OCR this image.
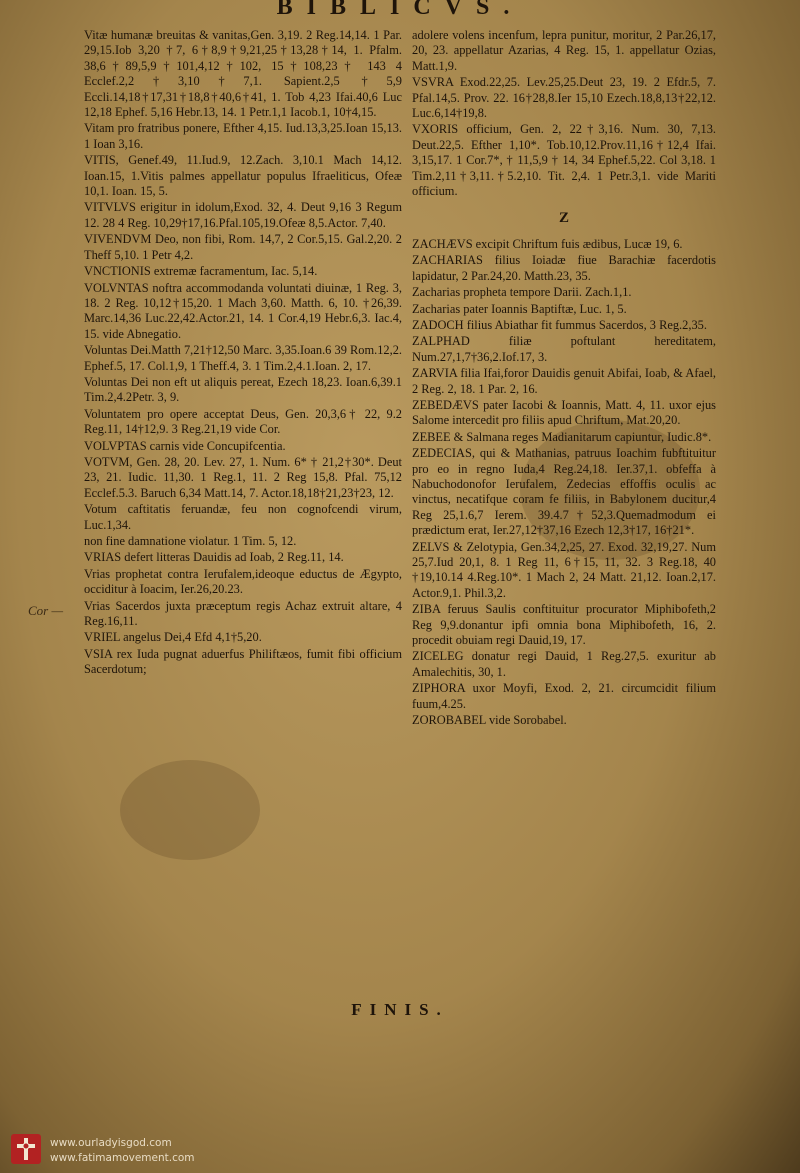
BIBLICVS.
Cor —

Vitæ humanæ breuitas & vanitas,Gen. 3,19. 2 Reg.14,14. 1 Par. 29,15.Iob 3,20 †7, 6†8,9†9,21,25†13,28†14, 1. Pfalm. 38,6†89,5,9†101,4,12†102, 15†108,23† 143 4 Ecclef.2,2†3,10†7,1. Sapient.2,5 †5,9 Eccli.14,18†17,31†18,8†40,6†41, 1. Tob 4,23 Ifai.40,6 Luc 12,18 Ephef. 5,16 Hebr.13, 14. 1 Petr.1,1 Iacob.1, 10†4,15.

Vitam pro fratribus ponere, Efther 4,15. Iud.13,3,25.Ioan 15,13. 1 Ioan 3,16.

VITIS, Genef.49, 11.Iud.9, 12.Zach. 3,10.1 Mach 14,12. Ioan.15, 1.Vitis palmes appellatur populus Ifraeliticus, Ofeæ 10,1. Ioan. 15, 5.

VITVLVS erigitur in idolum,Exod. 32, 4. Deut 9,16 3 Regum 12. 28 4 Reg. 10,29†17,16.Pfal.105,19.Ofeæ 8,5.Actor. 7,40.

VIVENDVM Deo, non fibi, Rom. 14,7, 2 Cor.5,15. Gal.2,20. 2 Theff 5,10. 1 Petr 4,2.

VNCTIONIS extremæ facramentum, Iac. 5,14.

VOLVNTAS noftra accommodanda voluntati diuinæ, 1 Reg. 3, 18. 2 Reg. 10,12†15,20. 1 Mach 3,60. Matth. 6, 10. †26,39. Marc.14,36 Luc.22,42.Actor.21, 14. 1 Cor.4,19 Hebr.6,3. Iac.4, 15. vide Abnegatio.

Voluntas Dei.Matth 7,21†12,50 Marc. 3,35.Ioan.6 39 Rom.12,2. Ephef.5, 17. Col.1,9, 1 Theff.4, 3. 1 Tim.2,4.1.Ioan. 2, 17.

Voluntas Dei non eft ut aliquis pereat, Ezech 18,23. Ioan.6,39.1 Tim.2,4.2Petr. 3, 9.

Voluntatem pro opere acceptat Deus, Gen. 20,3,6† 22, 9.2 Reg.11, 14†12,9. 3 Reg.21,19 vide Cor.

VOLVPTAS carnis vide Concupifcentia.

VOTVM, Gen. 28, 20. Lev. 27, 1. Num. 6* † 21,2†30*. Deut 23, 21. Iudic. 11,30. 1 Reg.1, 11. 2 Reg 15,8. Pfal. 75,12 Ecclef.5.3. Baruch 6,34 Matt.14, 7. Actor.18,18†21,23†23, 12.

Votum caftitatis feruandæ, feu non cognofcendi virum, Luc.1,34.

non fine damnatione violatur. 1 Tim. 5, 12.

VRIAS defert litteras Dauidis ad Ioab, 2 Reg.11, 14.

Vrias prophetat contra Ierufalem,ideoque eductus de Ægypto, occiditur à Ioacim, Ier.26,20.23.

Vrias Sacerdos juxta præceptum regis Achaz extruit altare, 4 Reg.16,11.

VRIEL angelus Dei,4 Efd 4,1†5,20.

VSIA rex Iuda pugnat aduerfus Philiftæos, fumit fibi officium Sacerdotum;

adolere volens incenfum, lepra punitur, moritur, 2 Par.26,17, 20, 23. appellatur Azarias, 4 Reg. 15, 1. appellatur Ozias, Matt.1,9.

VSVRA Exod.22,25. Lev.25,25.Deut 23, 19. 2 Efdr.5, 7. Pfal.14,5. Prov. 22. 16†28,8.Ier 15,10 Ezech.18,8,13†22,12. Luc.6,14†19,8.

VXORIS officium, Gen. 2, 22†3,16. Num. 30, 7,13. Deut.22,5. Efther 1,10*. Tob.10,12.Prov.11,16†12,4 Ifai. 3,15,17. 1 Cor.7*, † 11,5,9 † 14, 34 Ephef.5,22. Col 3,18. 1 Tim.2,11†3,11.†5.2,10. Tit. 2,4. 1 Petr.3,1. vide Mariti officium.

Z

ZACHÆVS excipit Chriftum fuis ædibus, Lucæ 19, 6.

ZACHARIAS filius Ioiadæ fiue Barachiæ facerdotis lapidatur, 2 Par.24,20. Matth.23, 35.

Zacharias propheta tempore Darii. Zach.1,1.

Zacharias pater Ioannis Baptiftæ, Luc. 1, 5.

ZADOCH filius Abiathar fit fummus Sacerdos, 3 Reg.2,35.

ZALPHAD filiæ poftulant hereditatem, Num.27,1,7†36,2.Iof.17, 3.

ZARVIA filia Ifai,foror Dauidis genuit Abifai, Ioab, & Afael, 2 Reg. 2, 18. 1 Par. 2, 16.

ZEBEDÆVS pater Iacobi & Ioannis, Matt. 4, 11. uxor ejus Salome intercedit pro filiis apud Chriftum, Mat.20,20.

ZEBEE & Salmana reges Madianitarum capiuntur, Iudic.8*.

ZEDECIAS, qui & Mathanias, patruus Ioachim fubftituitur pro eo in regno Iuda,4 Reg.24,18. Ier.37,1. obfeffa à Nabuchodonofor Ierufalem, Zedecias effoffis oculis ac vinctus, necatifque coram fe filiis, in Babylonem ducitur,4 Reg 25,1.6,7 Ierem. 39.4.7†52,3.Quemadmodum ei prædictum erat, Ier.27,12†37,16 Ezech 12,3†17, 16†21*.

ZELVS & Zelotypia, Gen.34,2,25, 27. Exod. 32,19,27. Num 25,7.Iud 20,1, 8. 1 Reg 11, 6†15, 11, 32. 3 Reg.18, 40 †19,10.14 4.Reg.10*. 1 Mach 2, 24 Matt. 21,12. Ioan.2,17. Actor.9,1. Phil.3,2.

ZIBA feruus Saulis conftituitur procurator Miphibofeth,2 Reg 9,9.donantur ipfi omnia bona Miphibofeth, 16, 2. procedit obuiam regi Dauid,19, 17.

ZICELEG donatur regi Dauid, 1 Reg.27,5. exuritur ab Amalechitis, 30, 1.

ZIPHORA uxor Moyfi, Exod. 2, 21. circumcidit filium fuum,4.25.

ZOROBABEL vide Sorobabel.

FINIS.
www.ourladyisgod.com
www.fatimamovement.com
